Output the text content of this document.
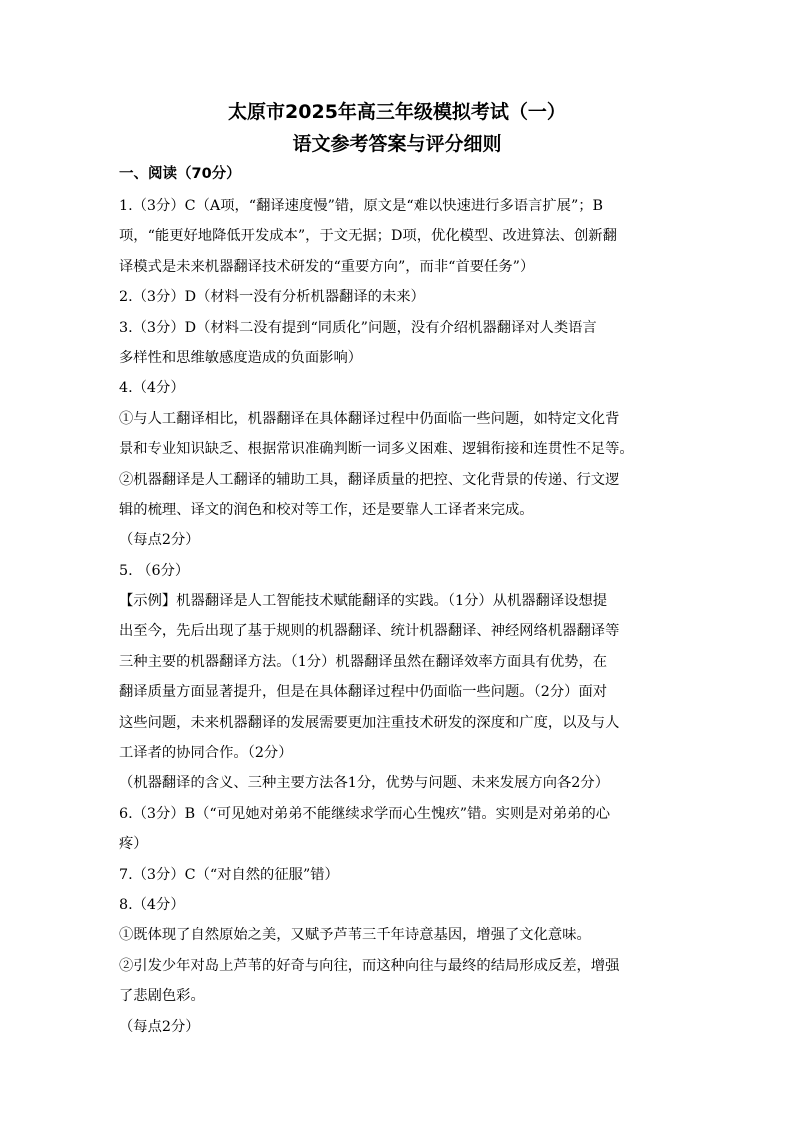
太原市2025年高三年级模拟考试（一）
语文参考答案与评分细则
一、阅读（70分）
1.（3分）C（A项，“翻译速度慢”错，原文是“难以快速进行多语言扩展”；B
项，“能更好地降低开发成本”，于文无据；D项，优化模型、改进算法、创新翻
译模式是未来机器翻译技术研发的“重要方向”，而非“首要任务”）
2.（3分）D（材料一没有分析机器翻译的未来）
3.（3分）D（材料二没有提到“同质化”问题，没有介绍机器翻译对人类语言
多样性和思维敏感度造成的负面影响）
4.（4分）
①与人工翻译相比，机器翻译在具体翻译过程中仍面临一些问题，如特定文化背
景和专业知识缺乏、根据常识准确判断一词多义困难、逻辑衔接和连贯性不足等。
②机器翻译是人工翻译的辅助工具，翻译质量的把控、文化背景的传递、行文逻
辑的梳理、译文的润色和校对等工作，还是要靠人工译者来完成。
（每点2分）
5. （6分）
【示例】机器翻译是人工智能技术赋能翻译的实践。（1分）从机器翻译设想提
出至今，先后出现了基于规则的机器翻译、统计机器翻译、神经网络机器翻译等
三种主要的机器翻译方法。（1分）机器翻译虽然在翻译效率方面具有优势，在
翻译质量方面显著提升，但是在具体翻译过程中仍面临一些问题。（2分）面对
这些问题，未来机器翻译的发展需要更加注重技术研发的深度和广度，以及与人
工译者的协同合作。（2分）
（机器翻译的含义、三种主要方法各1分，优势与问题、未来发展方向各2分）
6.（3分）B（“可见她对弟弟不能继续求学而心生愧疚”错。实则是对弟弟的心
疼）
7.（3分）C（“对自然的征服”错）
8.（4分）
①既体现了自然原始之美，又赋予芦苇三千年诗意基因，增强了文化意味。
②引发少年对岛上芦苇的好奇与向往，而这种向往与最终的结局形成反差，增强
了悲剧色彩。
（每点2分）
